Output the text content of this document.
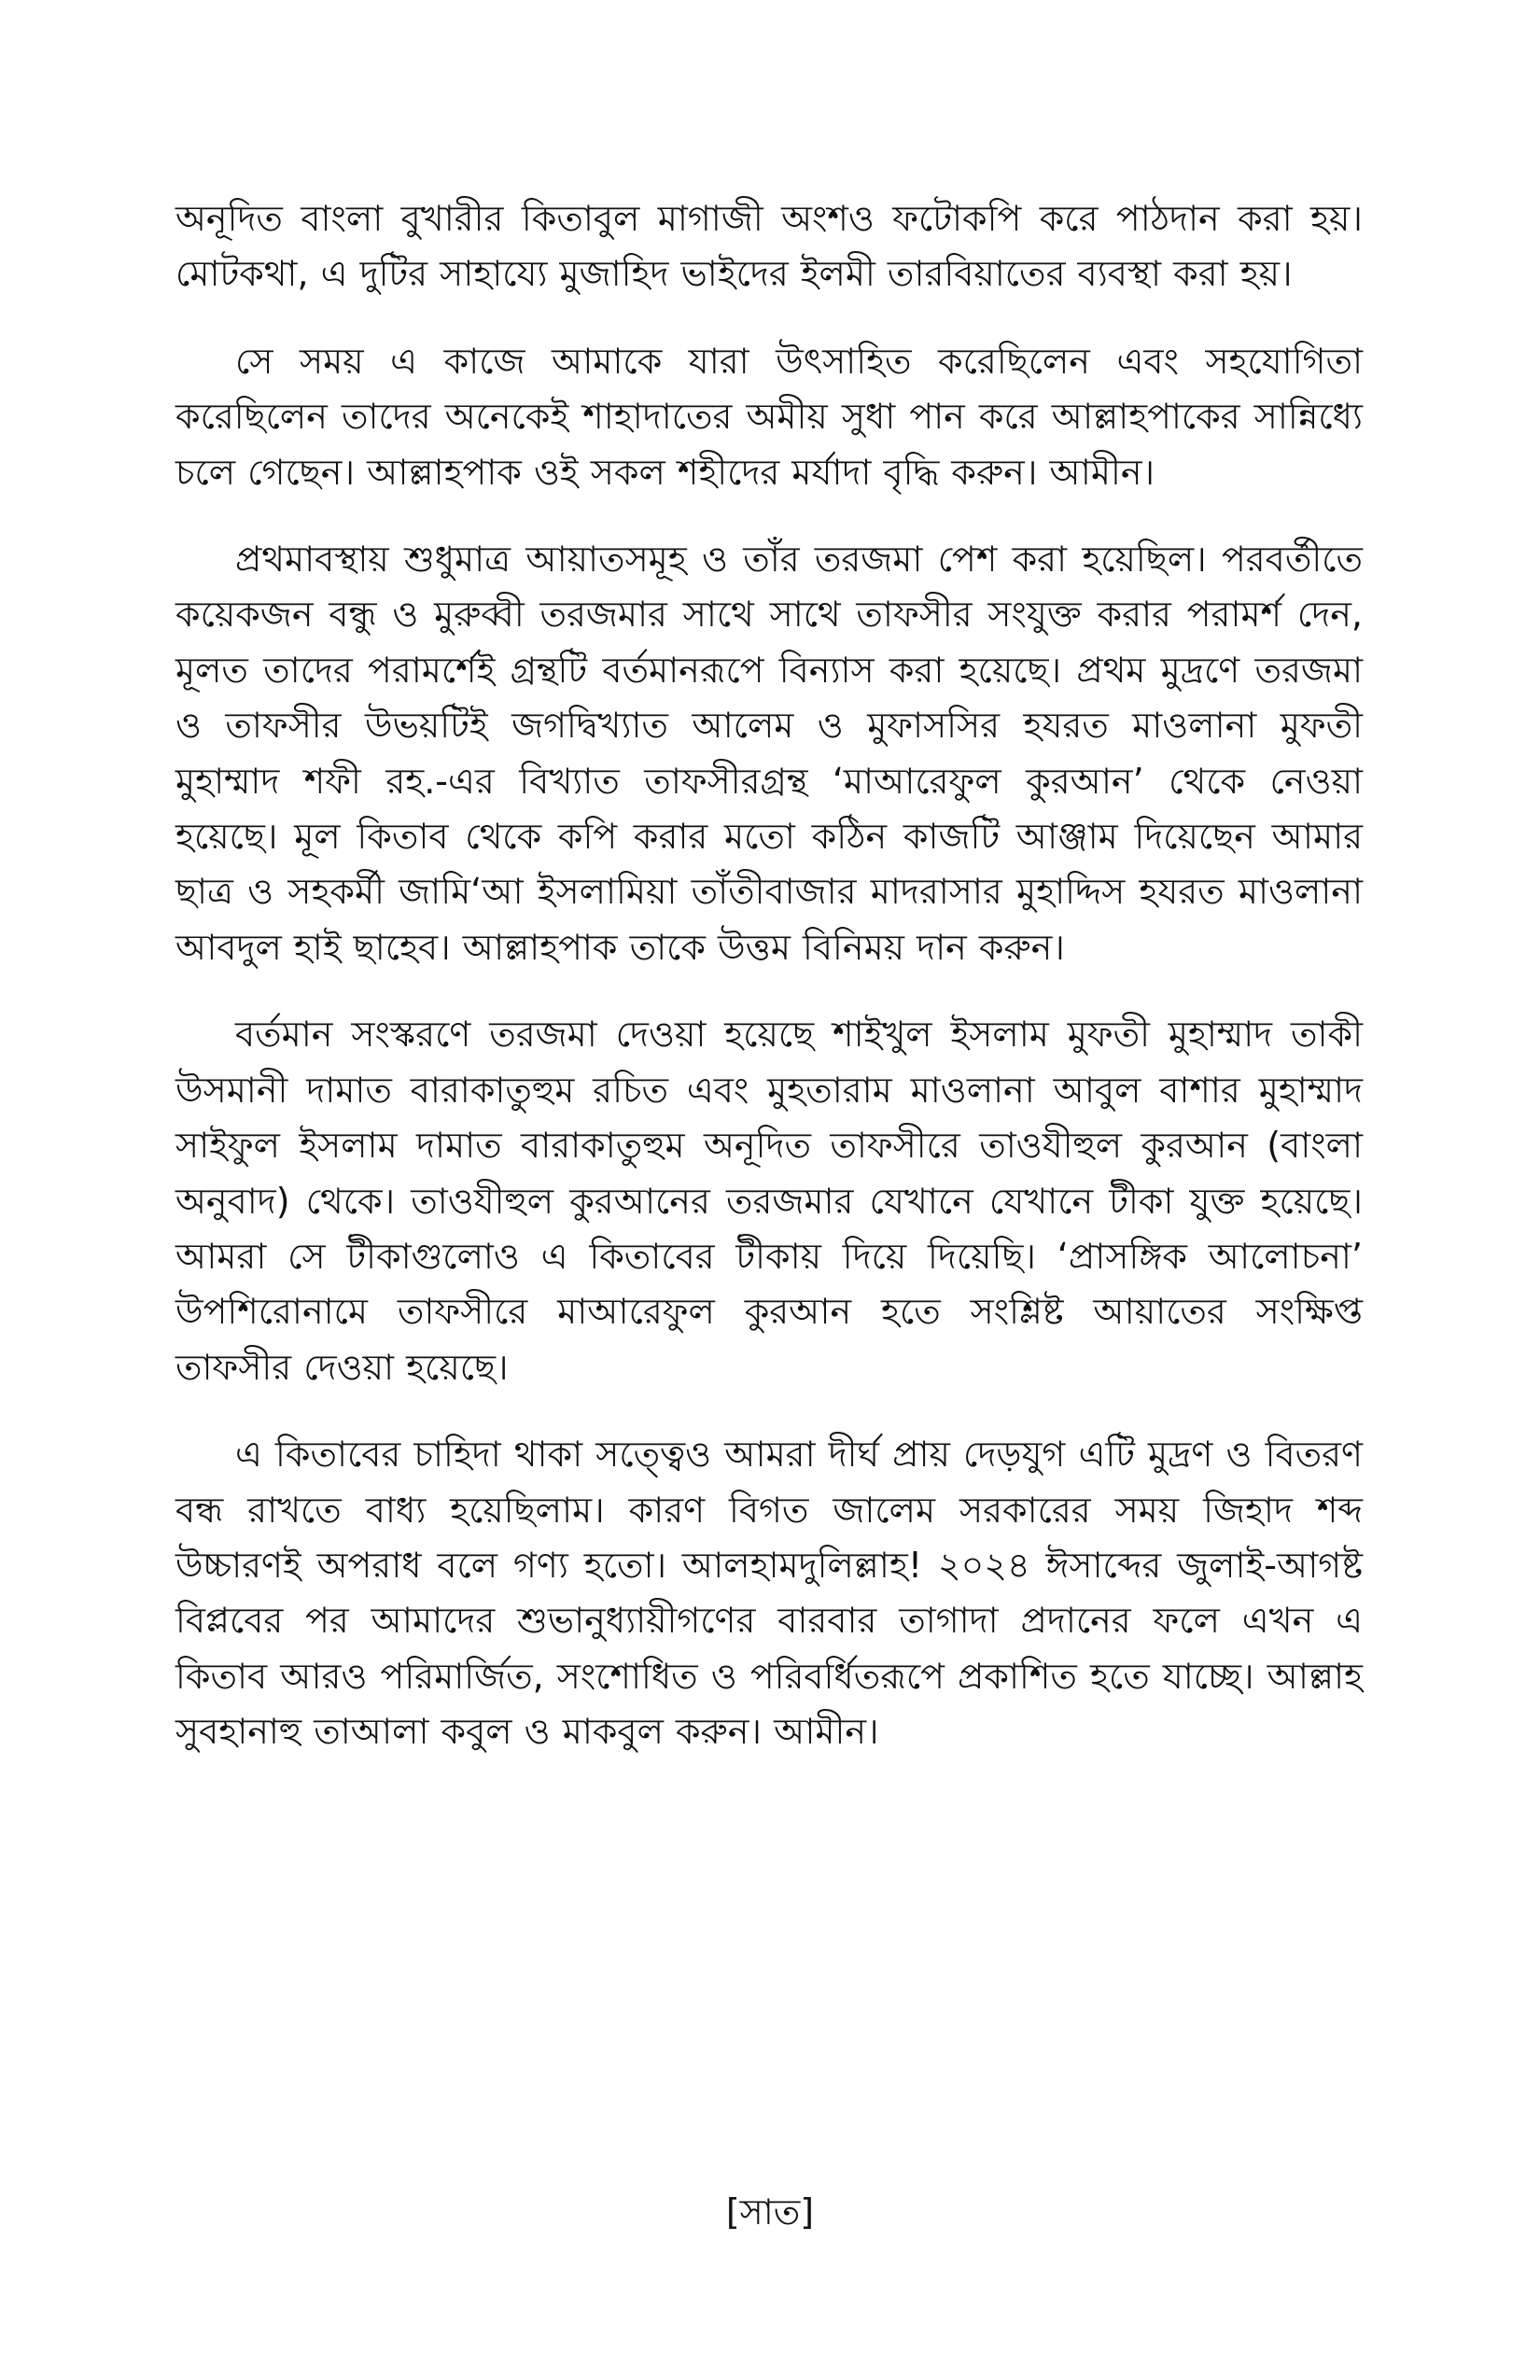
অনূদিত বাংলা বুখারীর কিতাবুল মাগাজী অংশও ফটোকপি করে পাঠদান করা হয়। মোটকথা, এ দুটির সাহায্যে মুজাহিদ ভাইদের ইলমী তারবিয়াতের ব্যবস্থা করা হয়।

সে সময় এ কাজে আমাকে যারা উৎসাহিত করেছিলেন এবং সহযোগিতা করেছিলেন তাদের অনেকেই শাহাদাতের অমীয় সুধা পান করে আল্লাহপাকের সান্নিধ্যে চলে গেছেন। আল্লাহপাক ওই সকল শহীদের মর্যাদা বৃদ্ধি করুন। আমীন।

প্রথমাবস্থায় শুধুমাত্র আয়াতসমূহ ও তাঁর তরজমা পেশ করা হয়েছিল। পরবর্তীতে কয়েকজন বন্ধু ও মুরুব্বী তরজমার সাথে সাথে তাফসীর সংযুক্ত করার পরামর্শ দেন, মূলত তাদের পরামর্শেই গ্রন্থটি বর্তমানরূপে বিন্যাস করা হয়েছে। প্রথম মুদ্রণে তরজমা ও তাফসীর উভয়টিই জগদ্বিখ্যাত আলেম ও মুফাসসির হযরত মাওলানা মুফতী মুহাম্মাদ শফী রহ.-এর বিখ্যাত তাফসীরগ্রন্থ ‘মাআরেফুল কুরআন’ থেকে নেওয়া হয়েছে। মূল কিতাব থেকে কপি করার মতো কঠিন কাজটি আঞ্জাম দিয়েছেন আমার ছাত্র ও সহকর্মী জামি‘আ ইসলামিয়া তাঁতীবাজার মাদরাসার মুহাদ্দিস হযরত মাওলানা আবদুল হাই ছাহেব। আল্লাহপাক তাকে উত্তম বিনিময় দান করুন।

বর্তমান সংস্করণে তরজমা দেওয়া হয়েছে শাইখুল ইসলাম মুফতী মুহাম্মাদ তাকী উসমানী দামাত বারাকাতুহুম রচিত এবং মুহতারাম মাওলানা আবুল বাশার মুহাম্মাদ সাইফুল ইসলাম দামাত বারাকাতুহুম অনূদিত তাফসীরে তাওযীহুল কুরআন (বাংলা অনুবাদ) থেকে। তাওযীহুল কুরআনের তরজমার যেখানে যেখানে টীকা যুক্ত হয়েছে। আমরা সে টীকাগুলোও এ কিতাবের টীকায় দিয়ে দিয়েছি। ‘প্রাসঙ্গিক আলোচনা’ উপশিরোনামে তাফসীরে মাআরেফুল কুরআন হতে সংশ্লিষ্ট আয়াতের সংক্ষিপ্ত তাফসীর দেওয়া হয়েছে।

এ কিতাবের চাহিদা থাকা সত্ত্বেও আমরা দীর্ঘ প্রায় দেড়যুগ এটি মুদ্রণ ও বিতরণ বন্ধ রাখতে বাধ্য হয়েছিলাম। কারণ বিগত জালেম সরকারের সময় জিহাদ শব্দ উচ্চারণই অপরাধ বলে গণ্য হতো। আলহামদুলিল্লাহ! ২০২৪ ঈসাব্দের জুলাই-আগষ্ট বিপ্লবের পর আমাদের শুভানুধ্যায়ীগণের বারবার তাগাদা প্রদানের ফলে এখন এ কিতাব আরও পরিমার্জিত, সংশোধিত ও পরিবর্ধিতরূপে প্রকাশিত হতে যাচ্ছে। আল্লাহ সুবহানাহু তাআলা কবুল ও মাকবুল করুন। আমীন।

[সাত]
